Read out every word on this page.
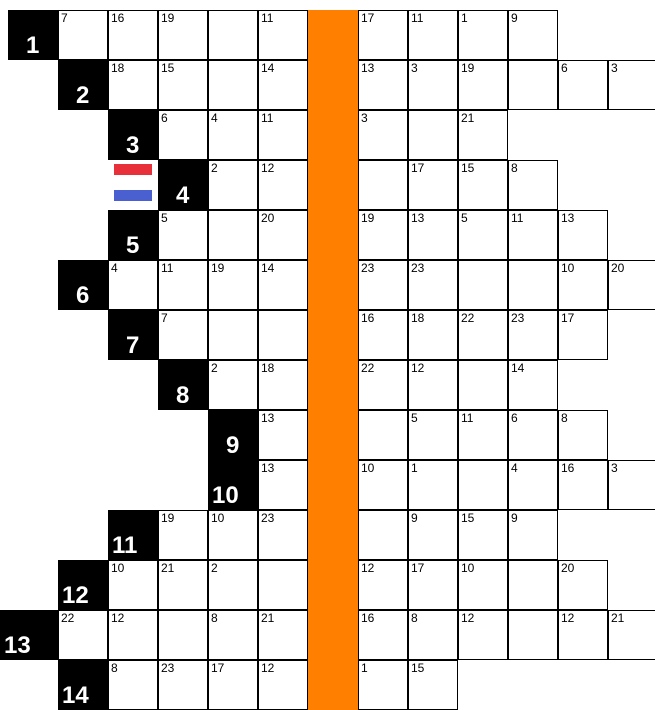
1
7	16	19	11	17	11	1	9
2
18	15	14	13	3	19	6	3
3
6	4	11	3	21
4
2	12	17	15	8
5
5	20	19	13	5	11	13
6
4	11	19	14	23	23	10	20
7
7	16	18	22	23	17
8
2	18	22	12	14
9
13	5	11	6	8
10
13	10	1	4	16	3
11
19	10	23	9	15	9
12
10	21	2	12	17	10	20
13
22	12	8	21	16	8	12	12	21
14
8	23	17	12	1	15
